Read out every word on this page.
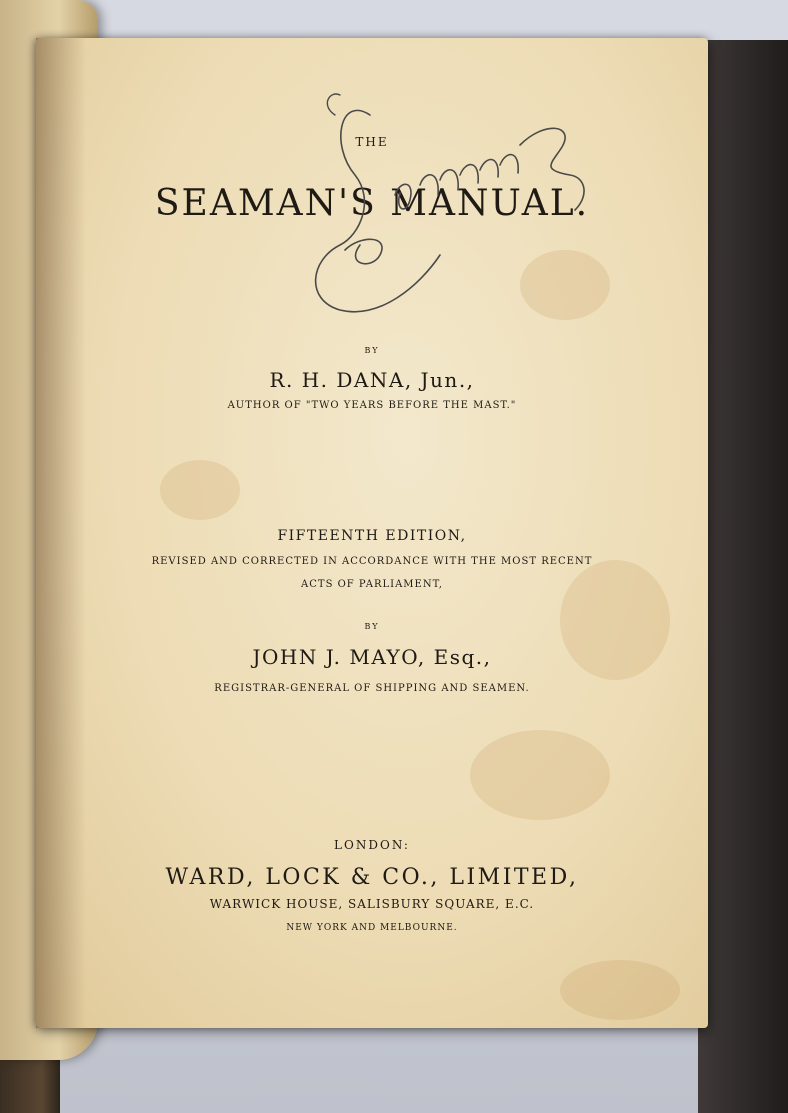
THE
SEAMAN'S MANUAL.
BY
R. H. DANA, Jun.,
AUTHOR OF "TWO YEARS BEFORE THE MAST."
FIFTEENTH EDITION,
REVISED AND CORRECTED IN ACCORDANCE WITH THE MOST RECENT
ACTS OF PARLIAMENT,
BY
JOHN J. MAYO, Esq.,
REGISTRAR-GENERAL OF SHIPPING AND SEAMEN.
LONDON:
WARD, LOCK & CO., LIMITED,
WARWICK HOUSE, SALISBURY SQUARE, E.C.
NEW YORK AND MELBOURNE.
